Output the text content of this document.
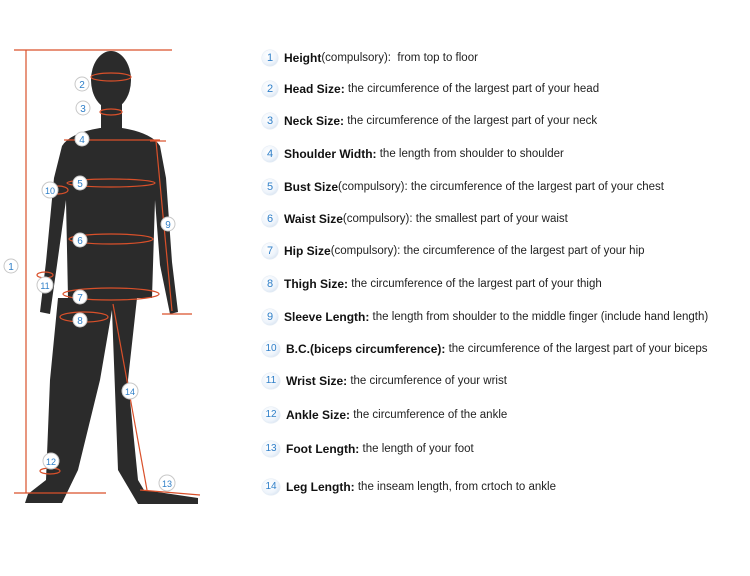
1
2
3
4
5
6
7
8
9
10
11
12
13
14
1 Height (compulsory): from top to floor
2 Head Size: the circumference of the largest part of your head
3 Neck Size: the circumference of the largest part of your neck
4 Shoulder Width: the length from shoulder to shoulder
5 Bust Size (compulsory): the circumference of the largest part of your chest
6 Waist Size (compulsory): the smallest part of your waist
7 Hip Size (compulsory): the circumference of the largest part of your hip
8 Thigh Size: the circumference of the largest part of your thigh
9 Sleeve Length: the length from shoulder to the middle finger (include hand length)
10 B.C.(biceps circumference): the circumference of the largest part of your biceps
11 Wrist Size: the circumference of your wrist
12 Ankle Size: the circumference of the ankle
13 Foot Length: the length of your foot
14 Leg Length: the inseam length, from crtoch to ankle
